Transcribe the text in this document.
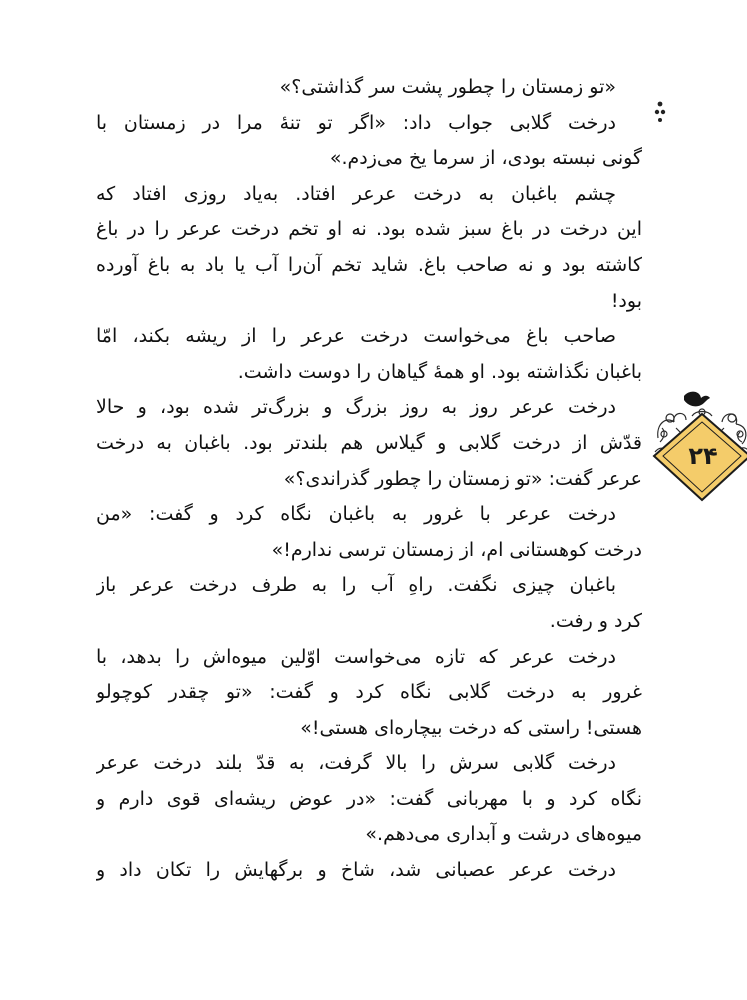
«تو زمستان را چطور پشت سر گذاشتی؟»
درخت گلابی جواب داد: «اگر تو تنهٔ مرا در زمستان با
گونی نبسته بودی، از سرما یخ می‌زدم.»
چشم باغبان به درخت عرعر افتاد. به‌یاد روزی افتاد که
این درخت در باغ سبز شده بود. نه او تخم درخت عرعر را در باغ
کاشته بود و نه صاحب باغ. شاید تخم آن‌را آب یا باد به باغ آورده
بود!
صاحب باغ می‌خواست درخت عرعر را از ریشه بکند، امّا
باغبان نگذاشته بود. او همهٔ گیاهان را دوست داشت.
درخت عرعر روز به روز بزرگ و بزرگ‌تر شده بود، و حالا
قدّش از درخت گلابی و گیلاس هم بلندتر بود. باغبان به درخت
عرعر گفت: «تو زمستان را چطور گذراندی؟»
درخت عرعر با غرور به باغبان نگاه کرد و گفت: «من
درخت کوهستانی ام، از زمستان ترسی ندارم!»
باغبان چیزی نگفت. راهِ آب را به طرف درخت عرعر باز
کرد و رفت.
درخت عرعر که تازه می‌خواست اوّلین میوه‌اش را بدهد، با
غرور به درخت گلابی نگاه کرد و گفت: «تو چقدر کوچولو
هستی! راستی که درخت بیچاره‌ای هستی!»
درخت گلابی سرش را بالا گرفت، به قدّ بلند درخت عرعر
نگاه کرد و با مهربانی گفت: «در عوض ریشه‌ای قوی دارم و
میوه‌های درشت و آبداری می‌دهم.»
درخت عرعر عصبانی شد، شاخ و برگهایش را تکان داد و
۲۴
